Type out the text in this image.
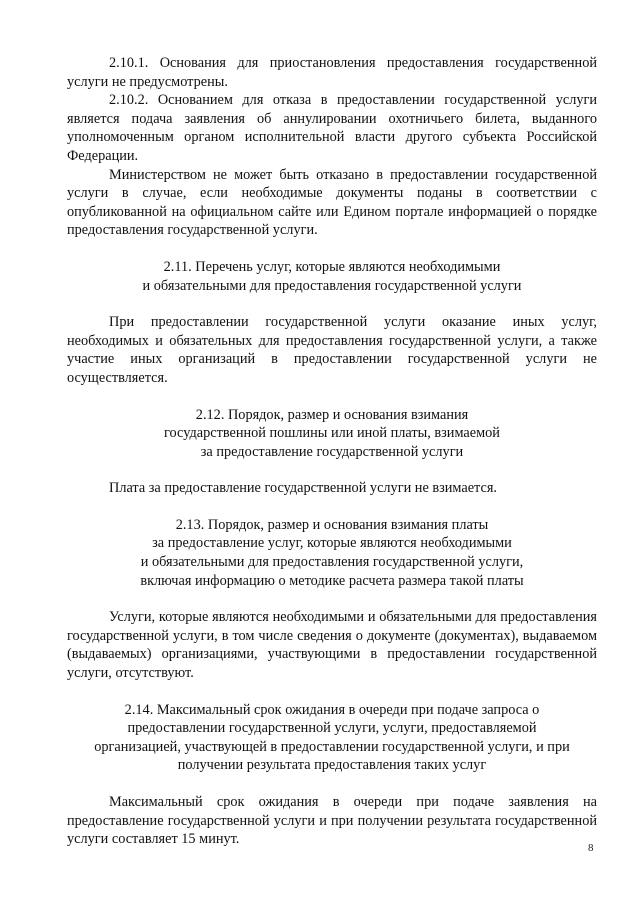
2.10.1. Основания для приостановления предоставления государственной услуги не предусмотрены.

2.10.2. Основанием для отказа в предоставлении государственной услуги является подача заявления об аннулировании охотничьего билета, выданного уполномоченным органом исполнительной власти другого субъекта Российской Федерации.

Министерством не может быть отказано в предоставлении государственной услуги в случае, если необходимые документы поданы в соответствии с опубликованной на официальном сайте или Едином портале информацией о порядке предоставления государственной услуги.

2.11. Перечень услуг, которые являются необходимыми
и обязательными для предоставления государственной услуги

При предоставлении государственной услуги оказание иных услуг, необходимых и обязательных для предоставления государственной услуги, а также участие иных организаций в предоставлении государственной услуги не осуществляется.

2.12. Порядок, размер и основания взимания
государственной пошлины или иной платы, взимаемой
за предоставление государственной услуги

Плата за предоставление государственной услуги не взимается.

2.13. Порядок, размер и основания взимания платы
за предоставление услуг, которые являются необходимыми
и обязательными для предоставления государственной услуги,
включая информацию о методике расчета размера такой платы

Услуги, которые являются необходимыми и обязательными для предоставления государственной услуги, в том числе сведения о документе (документах), выдаваемом (выдаваемых) организациями, участвующими в предоставлении государственной услуги, отсутствуют.

2.14. Максимальный срок ожидания в очереди при подаче запроса о
предоставлении государственной услуги, услуги, предоставляемой
организацией, участвующей в предоставлении государственной услуги, и при
получении результата предоставления таких услуг

Максимальный срок ожидания в очереди при подаче заявления на предоставление государственной услуги и при получении результата государственной услуги составляет 15 минут.

8
